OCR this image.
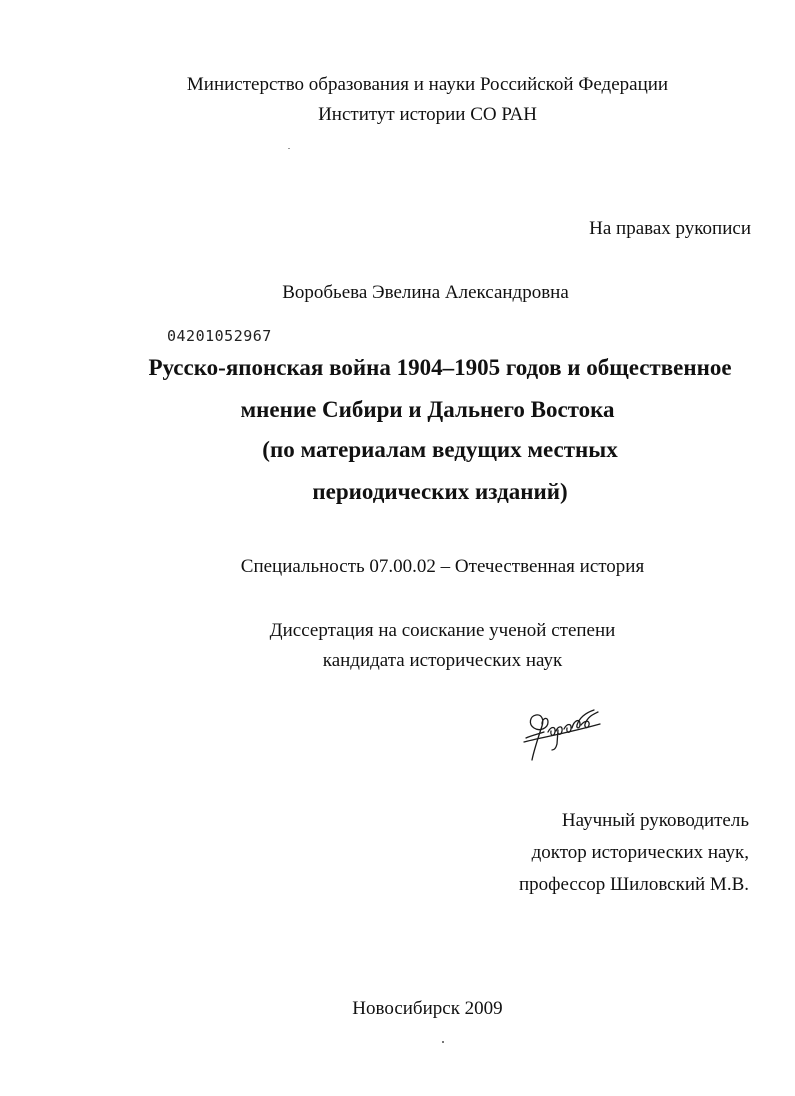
Министерство образования и науки Российской Федерации
Институт истории СО РАН
На правах рукописи
Воробьева Эвелина Александровна
04201052967
Русско-японская война 1904–1905 годов и общественное
мнение Сибири и Дальнего Востока
(по материалам ведущих местных
периодических изданий)
Специальность 07.00.02 – Отечественная история
Диссертация на соискание ученой степени
кандидата исторических наук
Научный руководитель
доктор исторических наук,
профессор Шиловский М.В.
Новосибирск 2009
